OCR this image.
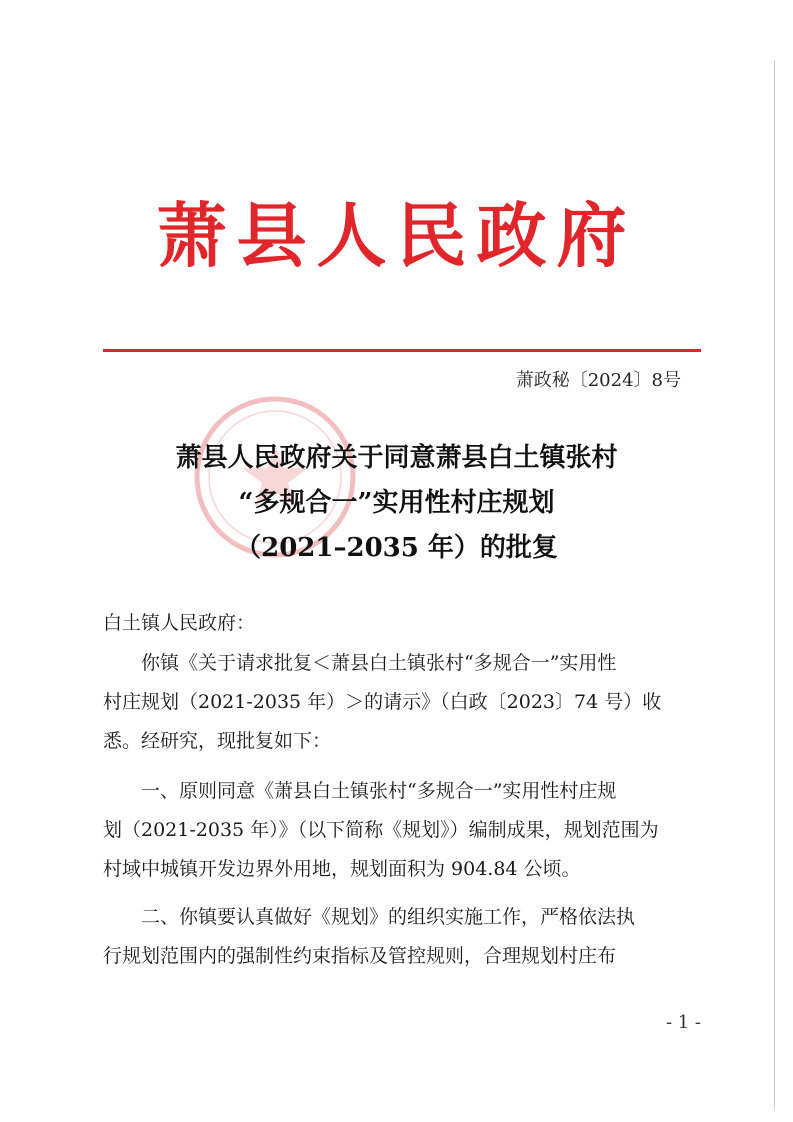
萧县人民政府
萧政秘〔2024〕8号
萧县人民政府关于同意萧县白土镇张村
“多规合一”实用性村庄规划
（2021–2035 年）的批复
白土镇人民政府：
　　你镇《关于请求批复＜萧县白土镇张村“多规合一”实用性
村庄规划（2021-2035 年）＞的请示》（白政〔2023〕74 号）收
悉。经研究，现批复如下：
　　一、原则同意《萧县白土镇张村“多规合一”实用性村庄规
划（2021-2035 年）》（以下简称《规划》）编制成果，规划范围为
村域中城镇开发边界外用地，规划面积为 904.84 公顷。
　　二、你镇要认真做好《规划》的组织实施工作，严格依法执
行规划范围内的强制性约束指标及管控规则，合理规划村庄布
- 1 -
